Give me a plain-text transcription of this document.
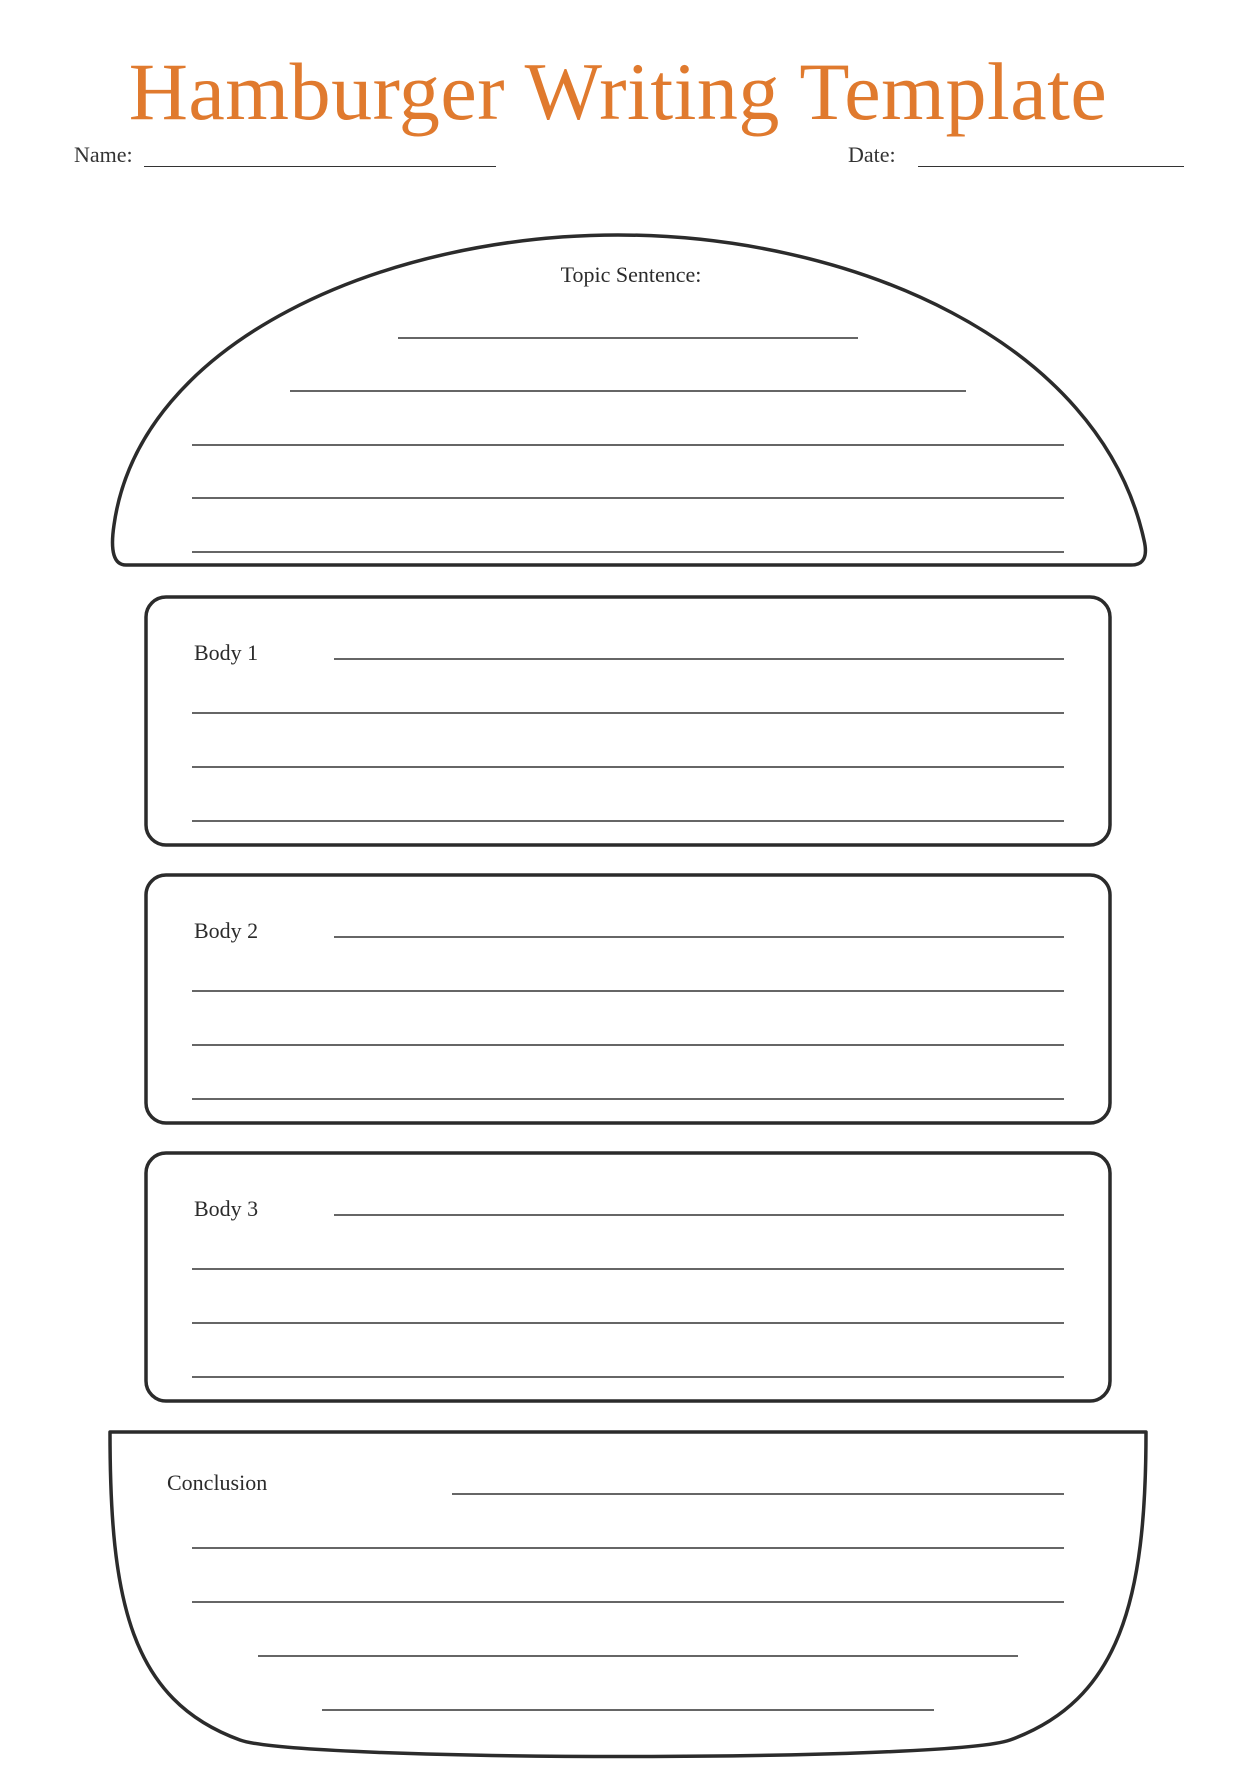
Hamburger Writing Template
Name:	Date:
Topic Sentence:
Body 1
Body 2
Body 3
Conclusion
